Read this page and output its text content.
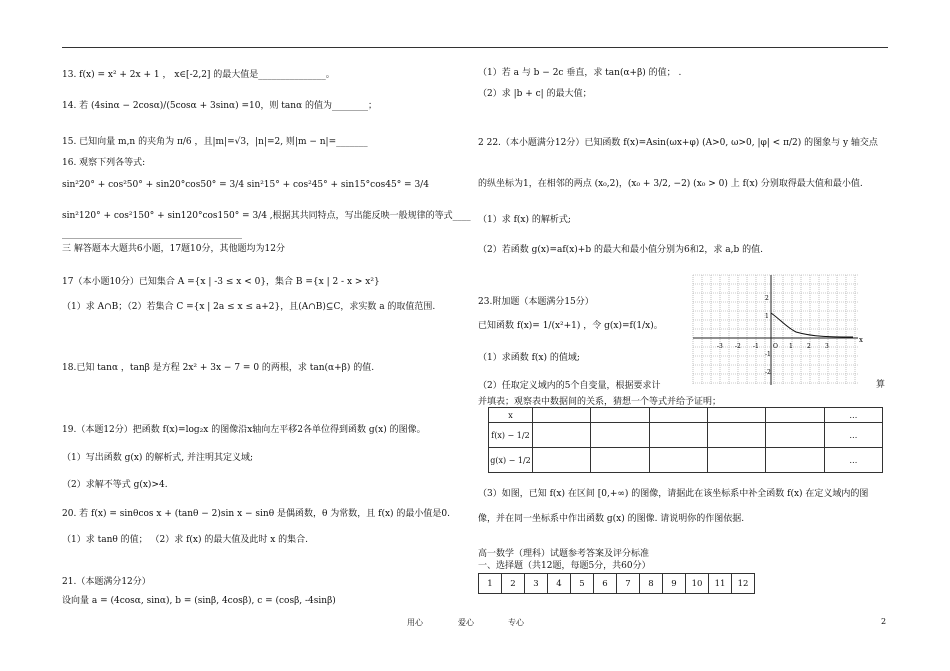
13. f(x) = x² + 2x + 1 ， x∈[-2,2] 的最大值是_______________。
14. 若 (4sinα − 2cosα)/(5cosα + 3sinα) =10，则 tanα 的值为________；
15. 已知向量 m,n 的夹角为 π/6 ，且|m|=√3，|n|=2, 则|m − n|=_______
16. 观察下列各等式:
sin²20° + cos²50° + sin20°cos50° = 3/4 sin²15° + cos²45° + sin15°cos45° = 3/4
sin²120° + cos²150° + sin120°cos150° = 3/4 ,根据其共同特点，写出能反映一般规律的等式____
________________________________________
三 解答题本大题共6小题，17题10分，其他题均为12分
17（本小题10分）已知集合 A ={x | -3 ≤ x < 0}，集合 B ={x | 2 - x > x²}
（1）求 A∩B；（2）若集合 C ={x | 2a ≤ x ≤ a+2}，且(A∩B)⊆C，求实数 a 的取值范围.
18.已知 tanα ，tanβ 是方程 2x² + 3x − 7 = 0 的两根，求 tan(α+β) 的值.
19.（本题12分）把函数 f(x)=log₂x 的图像沿x轴向左平移2各单位得到函数 g(x) 的图像。
（1）写出函数 g(x) 的解析式, 并注明其定义域;
（2）求解不等式 g(x)>4.
20. 若 f(x) = sinθcos x + (tanθ − 2)sin x − sinθ 是偶函数，θ 为常数，且 f(x) 的最小值是0.
（1）求 tanθ 的值； （2）求 f(x) 的最大值及此时 x 的集合.
21.（本题满分12分）
设向量 a = (4cosα, sinα), b = (sinβ, 4cosβ), c = (cosβ, -4sinβ)
（1）若 a 与 b − 2c 垂直，求 tan(α+β) 的值； .
（2）求 |b + c| 的最大值；
2 22.（本小题满分12分）已知函数 f(x)=Asin(ωx+φ) (A>0, ω>0, |φ| < π/2) 的图象与 y 轴交点
的纵坐标为1，在相邻的两点 (x₀,2)，(x₀ + 3/2, −2) (x₀ > 0) 上 f(x) 分别取得最大值和最小值.
（1）求 f(x) 的解析式;
（2）若函数 g(x)=af(x)+b 的最大和最小值分别为6和2，求 a,b 的值.
23.附加题（本题满分15分）
已知函数 f(x)= 1/(x²+1) ，令 g(x)=f(1/x)。
（1）求函数 f(x) 的值域;
（2）任取定义域内的5个自变量，根据要求计
并填表；观察表中数据间的关系，猜想一个等式并给予证明；
（3）如图，已知 f(x) 在区间 [0,+∞) 的图像，请据此在该坐标系中补全函数 f(x) 在定义域内的图
像，并在同一坐标系中作出函数 g(x) 的图像. 请说明你的作图依据.
高一数学（理科）试题参考答案及评分标准
一、选择题（共12题，每题5分，共60分）
算
x
2
1
-1
-2
-3 -2 -1 O 1 2 3
x						…
f(x) − 1/2						…
g(x) − 1/2						…
1	2	3	4	5	6	7	8	9	10	11	12
用心	爱心	专心	2
